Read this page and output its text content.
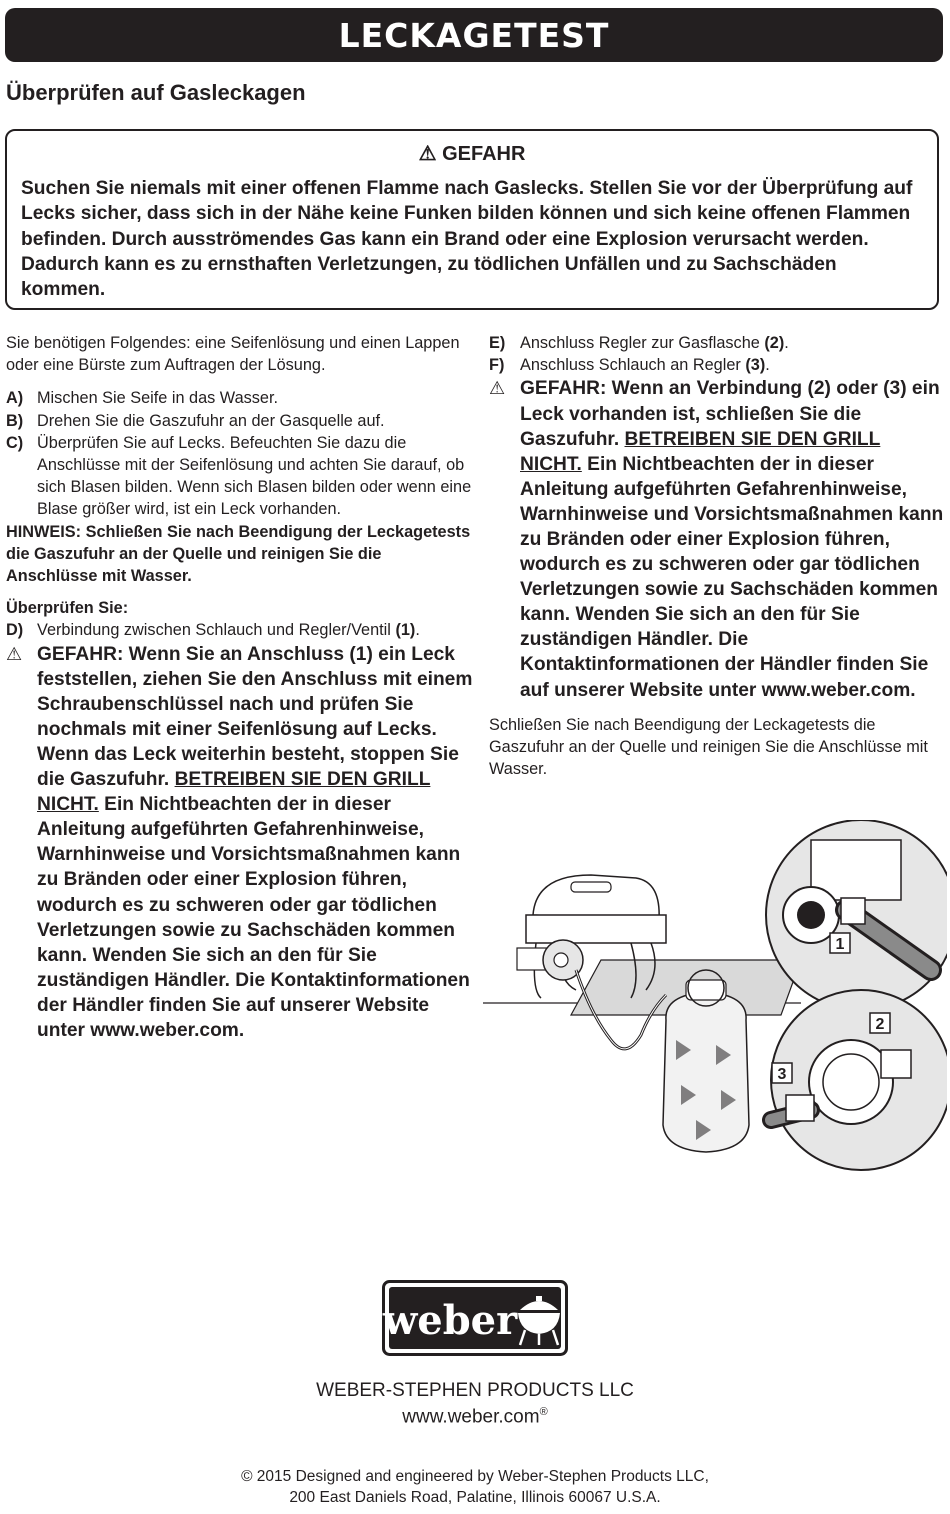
LECKAGETEST
Überprüfen auf Gasleckagen
⚠ GEFAHR
Suchen Sie niemals mit einer offenen Flamme nach Gaslecks. Stellen Sie vor der Überprüfung auf Lecks sicher, dass sich in der Nähe keine Funken bilden können und sich keine offenen Flammen befinden. Durch ausströmendes Gas kann ein Brand oder eine Explosion verursacht werden. Dadurch kann es zu ernsthaften Verletzungen, zu tödlichen Unfällen und zu Sachschäden kommen.

Sie benötigen Folgendes: eine Seifenlösung und einen Lappen oder eine Bürste zum Auftragen der Lösung.

A) Mischen Sie Seife in das Wasser.
B) Drehen Sie die Gaszufuhr an der Gasquelle auf.
C) Überprüfen Sie auf Lecks. Befeuchten Sie dazu die Anschlüsse mit der Seifenlösung und achten Sie darauf, ob sich Blasen bilden. Wenn sich Blasen bilden oder wenn eine Blase größer wird, ist ein Leck vorhanden.

HINWEIS: Schließen Sie nach Beendigung der Leckagetests die Gaszufuhr an der Quelle und reinigen Sie die Anschlüsse mit Wasser.

Überprüfen Sie:

D) Verbindung zwischen Schlauch und Regler/Ventil (1).
⚠ GEFAHR: Wenn Sie an Anschluss (1) ein Leck feststellen, ziehen Sie den Anschluss mit einem Schraubenschlüssel nach und prüfen Sie nochmals mit einer Seifenlösung auf Lecks. Wenn das Leck weiterhin besteht, stoppen Sie die Gaszufuhr. BETREIBEN SIE DEN GRILL NICHT. Ein Nichtbeachten der in dieser Anleitung aufgeführten Gefahrenhinweise, Warnhinweise und Vorsichtsmaßnahmen kann zu Bränden oder einer Explosion führen, wodurch es zu schweren oder gar tödlichen Verletzungen sowie zu Sachschäden kommen kann. Wenden Sie sich an den für Sie zuständigen Händler. Die Kontaktinformationen der Händler finden Sie auf unserer Website unter www.weber.com.
E) Anschluss Regler zur Gasflasche (2).
F) Anschluss Schlauch an Regler (3).
⚠ GEFAHR: Wenn an Verbindung (2) oder (3) ein Leck vorhanden ist, schließen Sie die Gaszufuhr. BETREIBEN SIE DEN GRILL NICHT. Ein Nichtbeachten der in dieser Anleitung aufgeführten Gefahrenhinweise, Warnhinweise und Vorsichtsmaßnahmen kann zu Bränden oder einer Explosion führen, wodurch es zu schweren oder gar tödlichen Verletzungen sowie zu Sachschäden kommen kann. Wenden Sie sich an den für Sie zuständigen Händler. Die Kontaktinformationen der Händler finden Sie auf unserer Website unter www.weber.com.

Schließen Sie nach Beendigung der Leckagetests die Gaszufuhr an der Quelle und reinigen Sie die Anschlüsse mit Wasser.

1
2
3
weber
WEBER-STEPHEN PRODUCTS LLC
www.weber.com®
© 2015 Designed and engineered by Weber-Stephen Products LLC,
200 East Daniels Road, Palatine, Illinois 60067 U.S.A.
